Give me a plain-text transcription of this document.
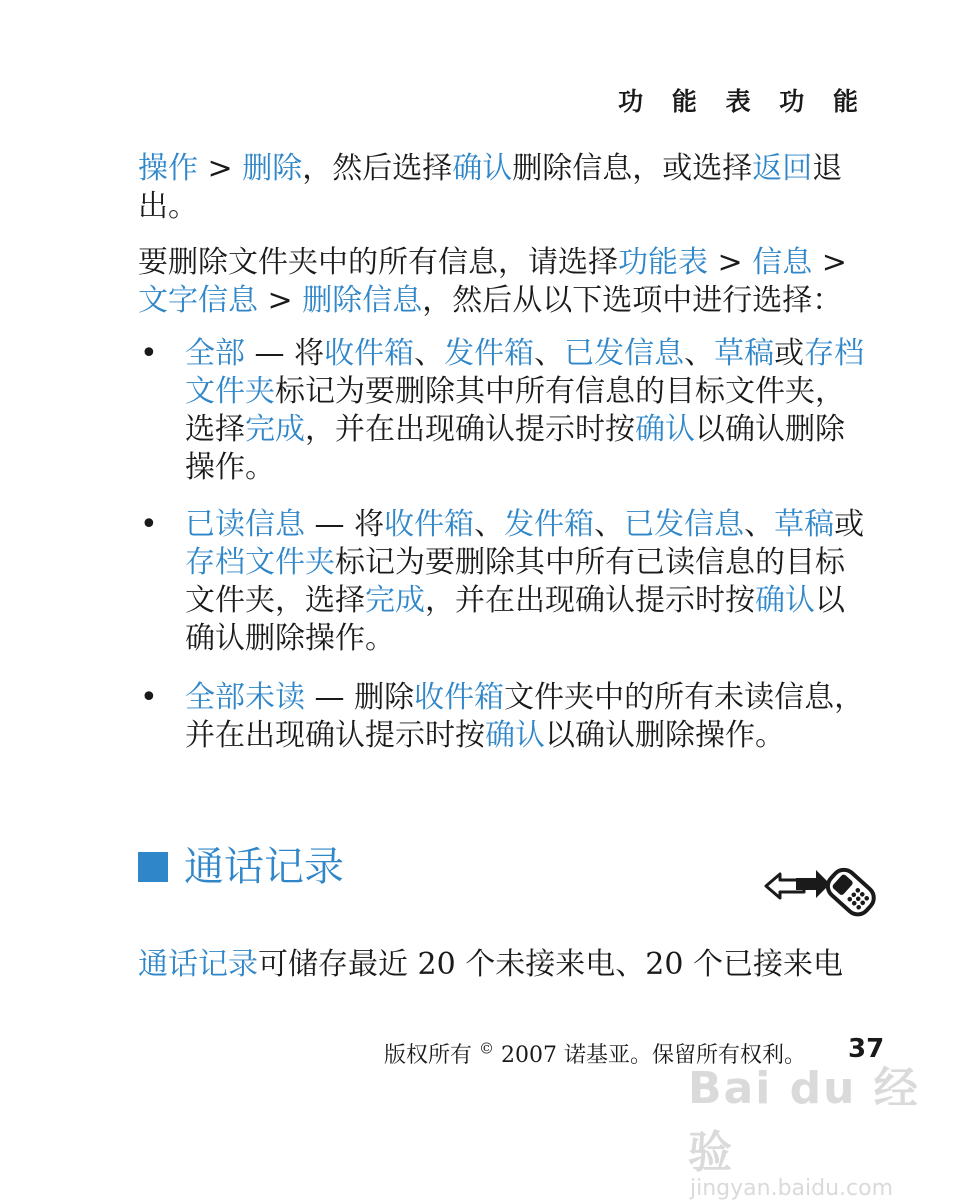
功 能 表 功 能
操作 > 删除，然后选择确认删除信息，或选择返回退出。
要删除文件夹中的所有信息，请选择功能表 > 信息 > 文字信息 > 删除信息，然后从以下选项中进行选择：
• 全部 — 将收件箱、发件箱、已发信息、草稿或存档文件夹标记为要删除其中所有信息的目标文件夹，选择完成，并在出现确认提示时按确认以确认删除操作。
• 已读信息 — 将收件箱、发件箱、已发信息、草稿或存档文件夹标记为要删除其中所有已读信息的目标文件夹，选择完成，并在出现确认提示时按确认以确认删除操作。
• 全部未读 — 删除收件箱文件夹中的所有未读信息，并在出现确认提示时按确认以确认删除操作。
通话记录
通话记录可储存最近 20 个未接来电、20 个已接来电
版权所有 © 2007 诺基亚。保留所有权利。 37
Bai du 经验
jingyan.baidu.com
